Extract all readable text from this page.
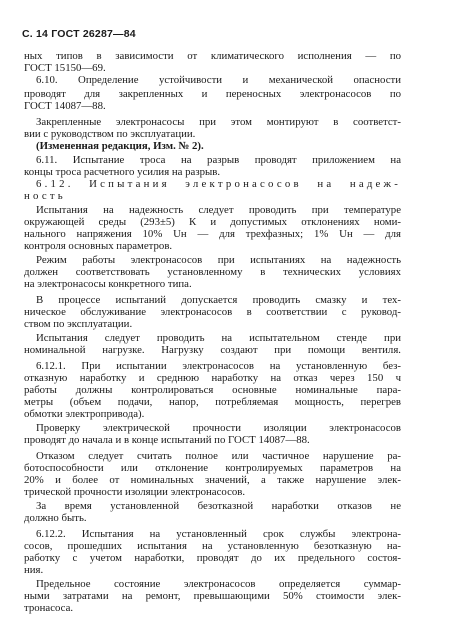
С. 14 ГОСТ 26287—84
ных типов в зависимости от климатического исполнения — по
ГОСТ 15150—69.
6.10. Определение устойчивости и механической опасности
проводят для закрепленных и переносных электронасосов по
ГОСТ 14087—88.
Закрепленные электронасосы при этом монтируют в соответст-
вии с руководством по эксплуатации.
(Измененная редакция, Изм. № 2).
6.11. Испытание троса на разрыв проводят приложением на
концы троса расчетного усилия на разрыв.
6.12. Испытания электронасосов на надеж-
ность
Испытания на надежность следует проводить при температуре
окружающей среды (293±5) К и допустимых отклонениях номи-
нального напряжения 10% Uн — для трехфазных; 1% Uн — для
контроля основных параметров.
Режим работы электронасосов при испытаниях на надежность
должен соответствовать установленному в технических условиях
на электронасосы конкретного типа.
В процессе испытаний допускается проводить смазку и тех-
ническое обслуживание электронасосов в соответствии с руковод-
ством по эксплуатации.
Испытания следует проводить на испытательном стенде при
номинальной нагрузке. Нагрузку создают при помощи вентиля.
6.12.1. При испытании электронасосов на установленную без-
отказную наработку и среднюю наработку на отказ через 150 ч
работы должны контролироваться основные номинальные пара-
метры (объем подачи, напор, потребляемая мощность, перегрев
обмотки электропривода).
Проверку электрической прочности изоляции электронасосов
проводят до начала и в конце испытаний по ГОСТ 14087—88.
Отказом следует считать полное или частичное нарушение ра-
ботоспособности или отклонение контролируемых параметров на
20% и более от номинальных значений, а также нарушение элек-
трической прочности изоляции электронасосов.
За время установленной безотказной наработки отказов не
должно быть.
6.12.2. Испытания на установленный срок службы электрона-
сосов, прошедших испытания на установленную безотказную на-
работку с учетом наработки, проводят до их предельного состоя-
ния.
Предельное состояние электронасосов определяется суммар-
ными затратами на ремонт, превышающими 50% стоимости элек-
тронасоса.
